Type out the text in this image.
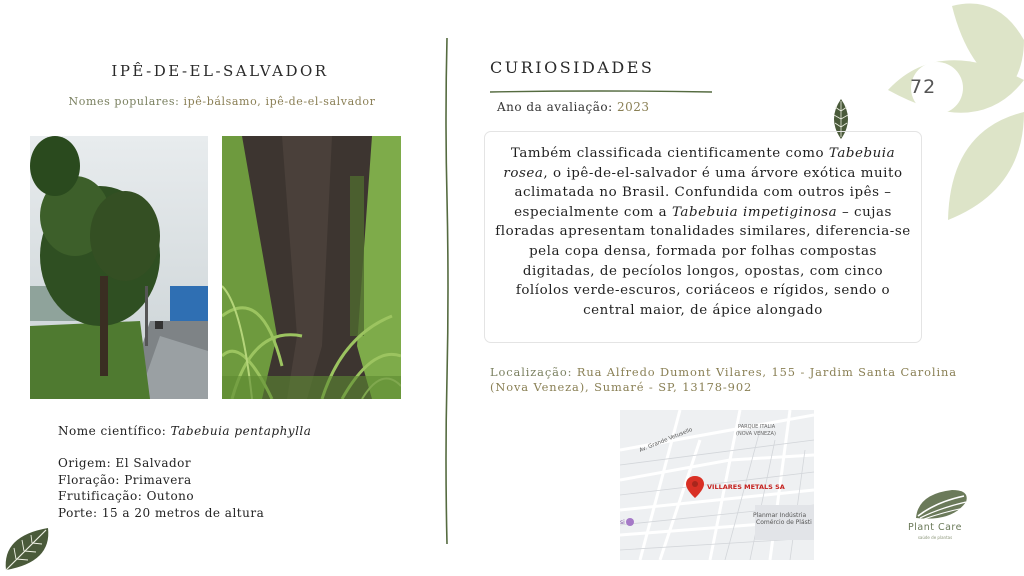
IPÊ-DE-EL-SALVADOR
Nomes populares: ipê-bálsamo, ipê-de-el-salvador
Nome científico: Tabebuia pentaphylla
Origem: El Salvador
Floração: Primavera
Frutificação: Outono
Porte: 15 a 20 metros de altura
CURIOSIDADES
Ano da avaliação: 2023
Também classificada cientificamente como Tabebuia rosea, o ipê-de-el-salvador é uma árvore exótica muito aclimatada no Brasil. Confundida com outros ipês – especialmente com a Tabebuia impetiginosa – cujas floradas apresentam tonalidades similares, diferencia-se pela copa densa, formada por folhas compostas digitadas, de pecíolos longos, opostas, com cinco folíolos verde-escuros, coriáceos e rígidos, sendo o central maior, de ápice alongado
Localização: Rua Alfredo Dumont Vilares, 155 - Jardim Santa Carolina (Nova Veneza), Sumaré - SP, 13178-902
Av. Grande Vetusello
PARQUE ITALIA
(NOVA VENEZA)
VILLARES METALS SA
Planmar Indústria
Comércio de Plásti
si
72
Plant Care
saúde de plantas
